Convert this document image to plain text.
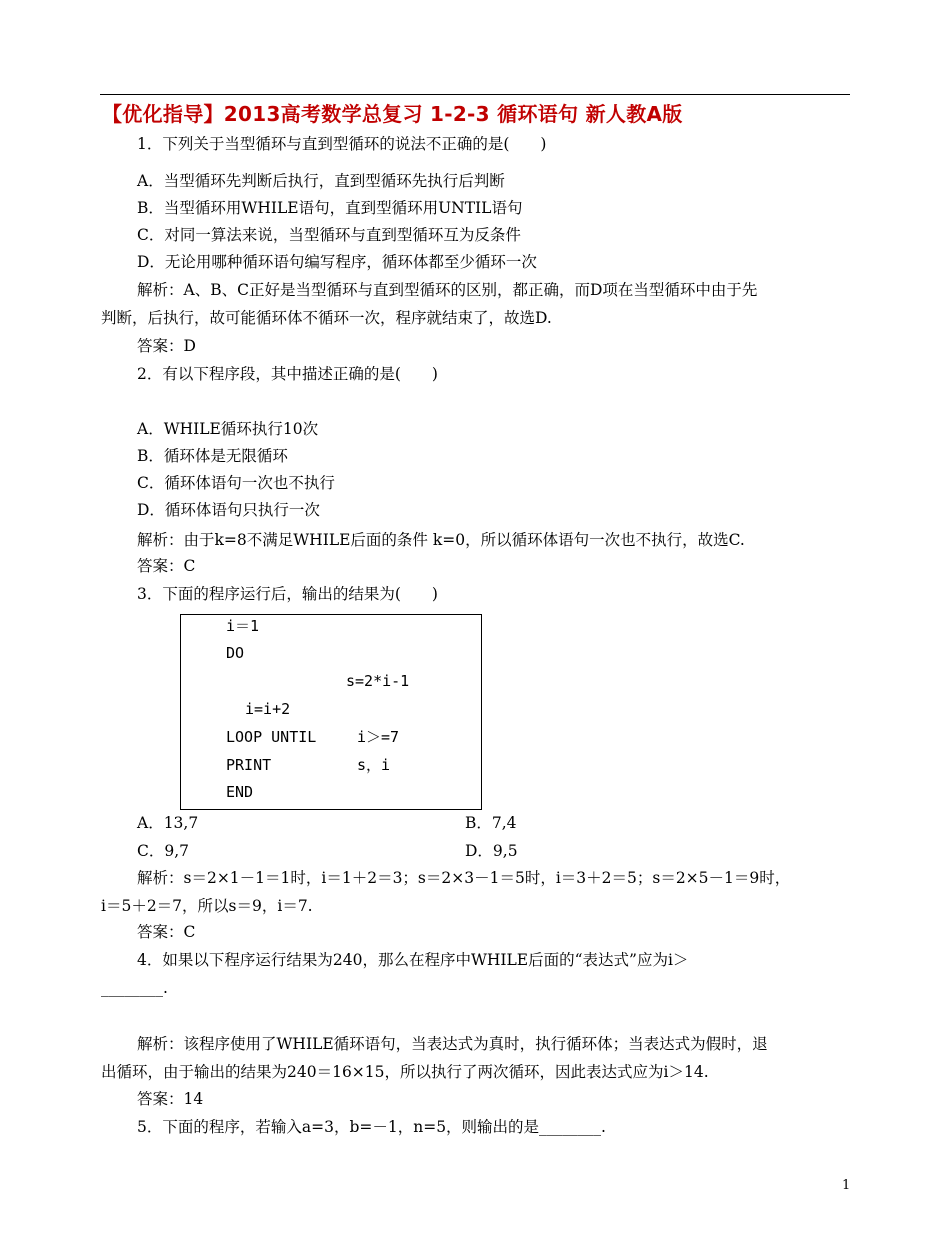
【优化指导】2013高考数学总复习 1-2-3 循环语句 新人教A版
1．下列关于当型循环与直到型循环的说法不正确的是(　　)
A．当型循环先判断后执行，直到型循环先执行后判断
B．当型循环用WHILE语句，直到型循环用UNTIL语句
C．对同一算法来说，当型循环与直到型循环互为反条件
D．无论用哪种循环语句编写程序，循环体都至少循环一次
解析：A、B、C正好是当型循环与直到型循环的区别，都正确，而D项在当型循环中由于先
判断，后执行，故可能循环体不循环一次，程序就结束了，故选D.
答案：D
2．有以下程序段，其中描述正确的是(　　)
A．WHILE循环执行10次
B．循环体是无限循环
C．循环体语句一次也不执行
D．循环体语句只执行一次
解析：由于k=8不满足WHILE后面的条件 k=0，所以循环体语句一次也不执行，故选C.
答案：C
3．下面的程序运行后，输出的结果为(　　)
i＝1
DO
s=2*i-1
i=i+2
LOOP UNTIL	i＞=7
PRINT	s，i
END
A．13,7	B．7,4
C．9,7	D．9,5
解析：s＝2×1－1＝1时，i＝1＋2＝3；s＝2×3－1＝5时，i＝3＋2＝5；s＝2×5－1＝9时，
i＝5＋2＝7，所以s＝9，i＝7.
答案：C
4．如果以下程序运行结果为240，那么在程序中WHILE后面的“表达式”应为i＞
________.
解析：该程序使用了WHILE循环语句，当表达式为真时，执行循环体；当表达式为假时，退
出循环，由于输出的结果为240＝16×15，所以执行了两次循环，因此表达式应为i＞14.
答案：14
5．下面的程序，若输入a=3，b=－1，n=5，则输出的是________.
1
